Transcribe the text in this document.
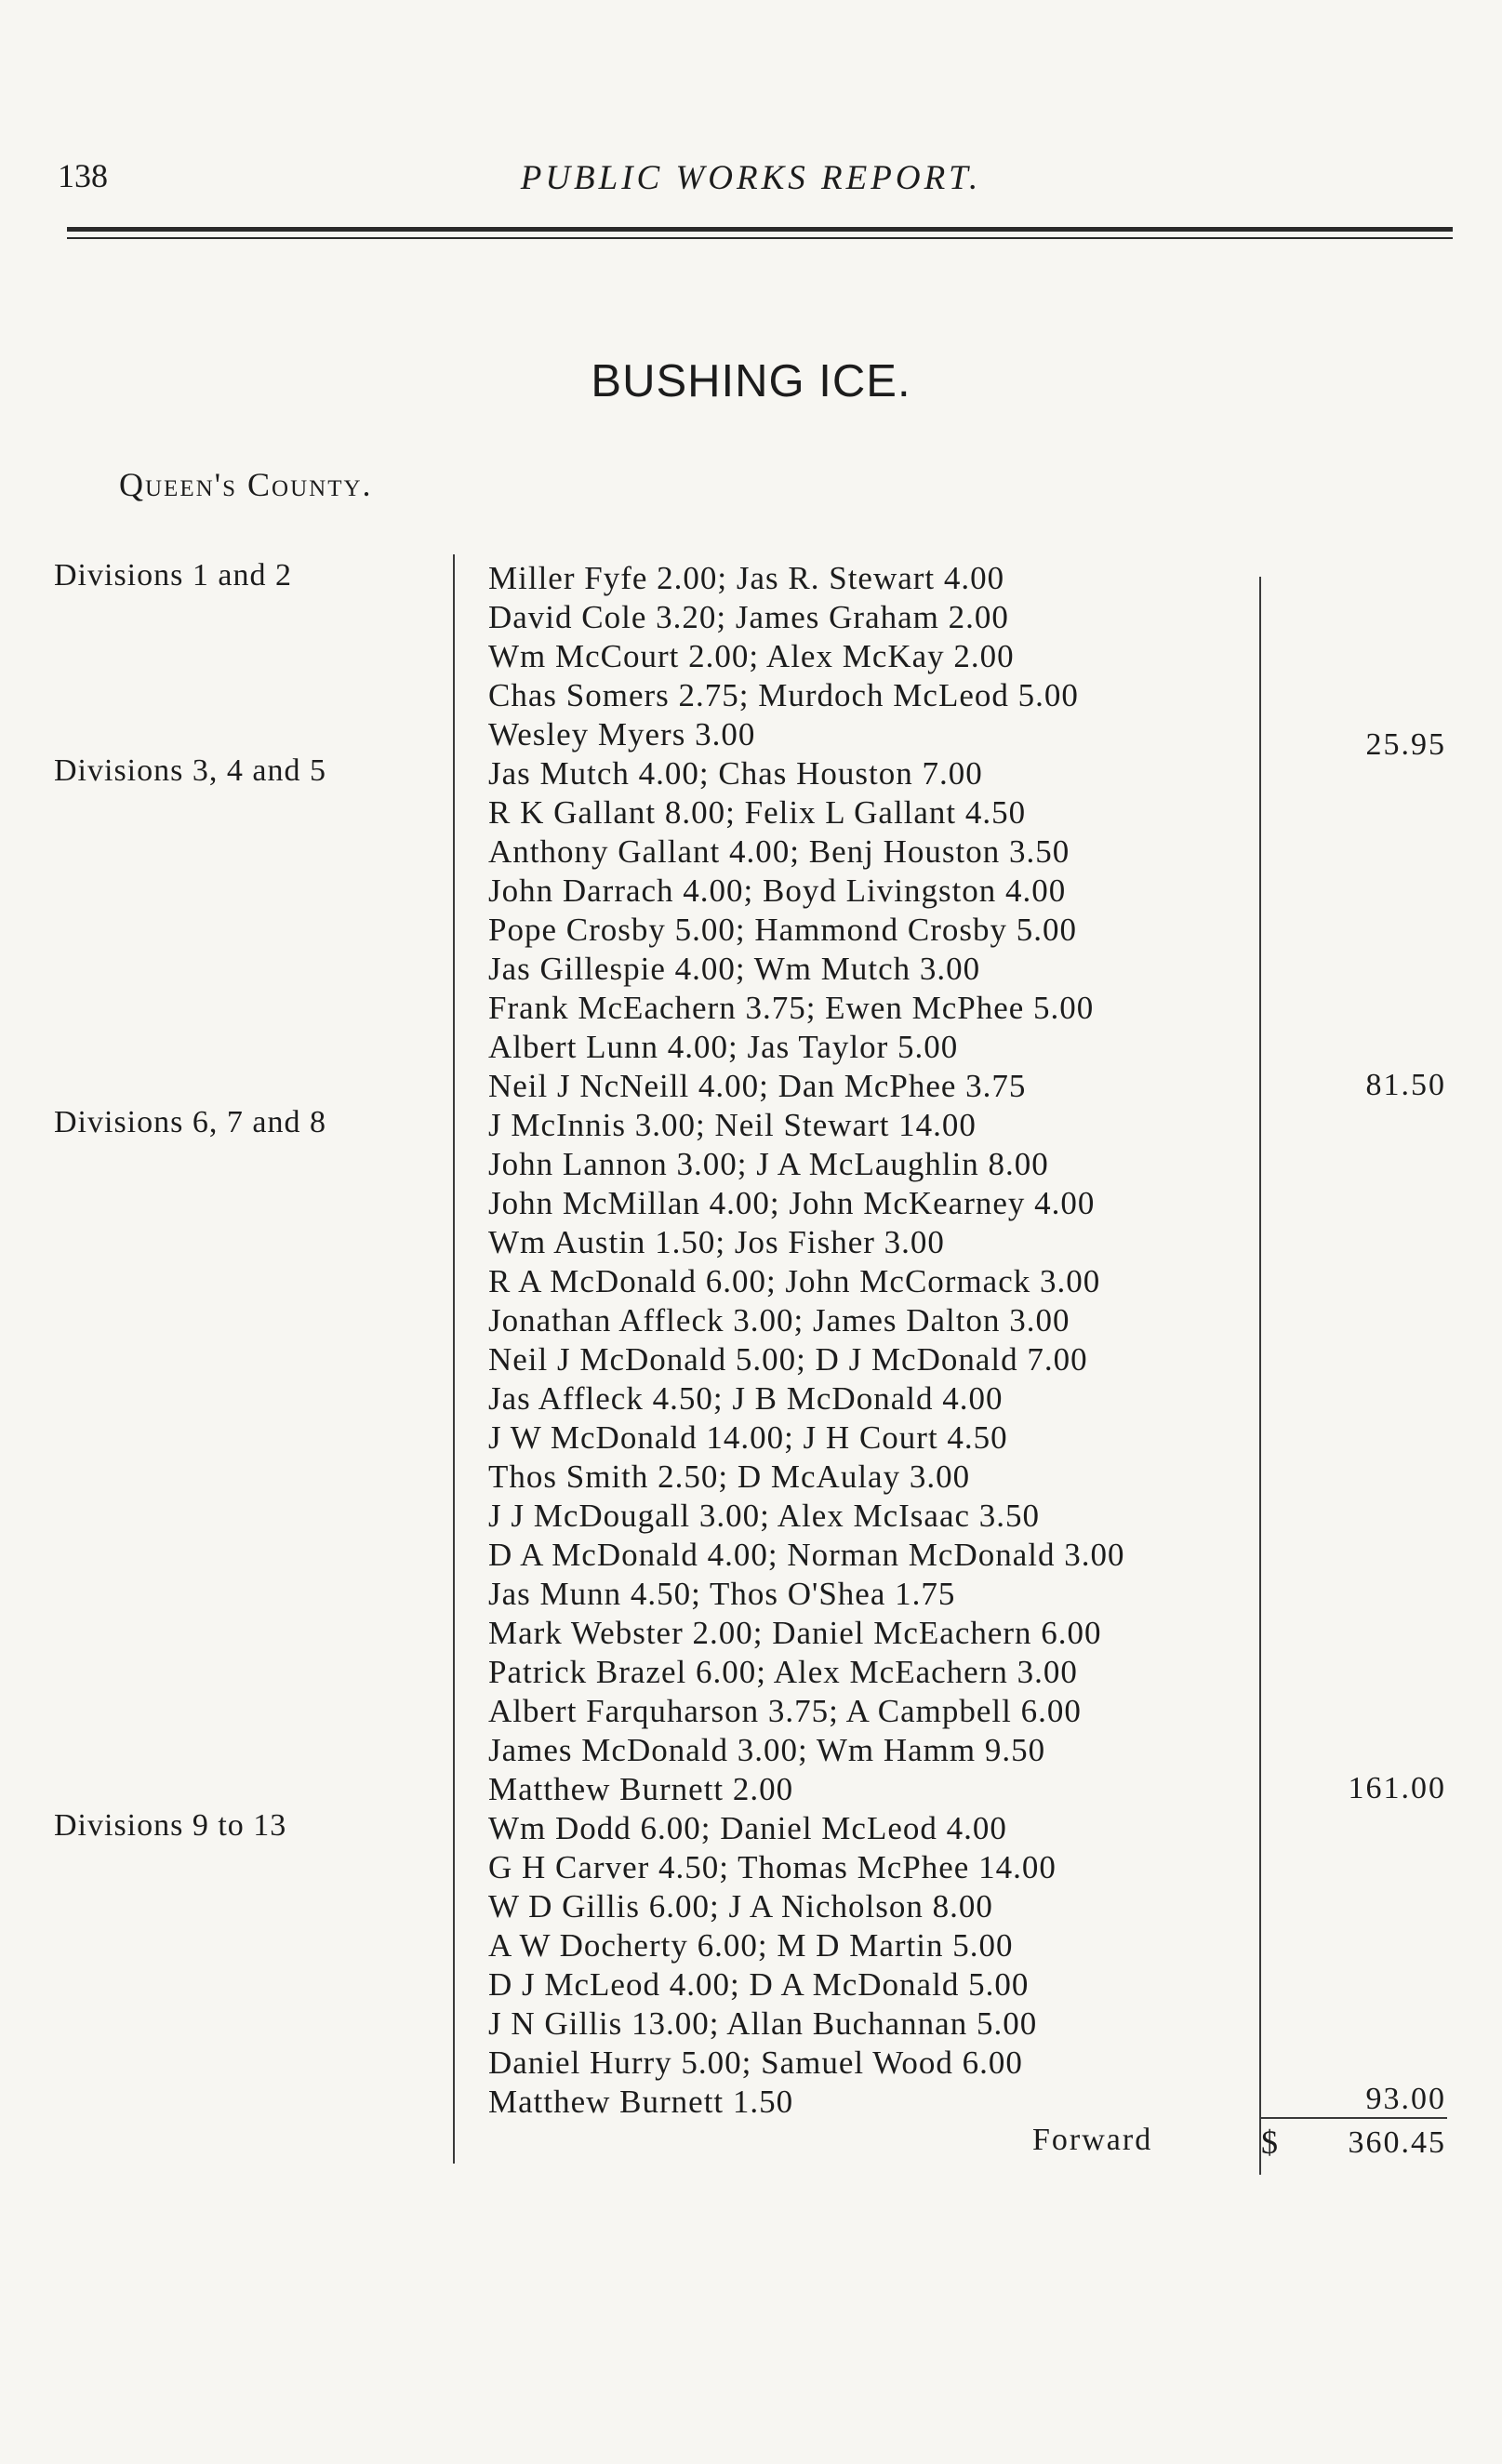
138	PUBLIC WORKS REPORT.
BUSHING ICE.
Queen's County.
Divisions 1 and 2
Divisions 3, 4 and 5
Divisions 6, 7 and 8
Divisions 9 to 13
Miller Fyfe 2.00; Jas R. Stewart 4.00
David Cole 3.20; James Graham 2.00
Wm McCourt 2.00; Alex McKay 2.00
Chas Somers 2.75; Murdoch McLeod 5.00
Wesley Myers 3.00
Jas Mutch 4.00; Chas Houston 7.00
R K Gallant 8.00; Felix L Gallant 4.50
Anthony Gallant 4.00; Benj Houston 3.50
John Darrach 4.00; Boyd Livingston 4.00
Pope Crosby 5.00; Hammond Crosby 5.00
Jas Gillespie 4.00; Wm Mutch 3.00
Frank McEachern 3.75; Ewen McPhee 5.00
Albert Lunn 4.00; Jas Taylor 5.00
Neil J NcNeill 4.00; Dan McPhee 3.75
J McInnis 3.00; Neil Stewart 14.00
John Lannon 3.00; J A McLaughlin 8.00
John McMillan 4.00; John McKearney 4.00
Wm Austin 1.50; Jos Fisher 3.00
R A McDonald 6.00; John McCormack 3.00
Jonathan Affleck 3.00; James Dalton 3.00
Neil J McDonald 5.00; D J McDonald 7.00
Jas Affleck 4.50; J B McDonald 4.00
J W McDonald 14.00; J H Court 4.50
Thos Smith 2.50; D McAulay 3.00
J J McDougall 3.00; Alex McIsaac 3.50
D A McDonald 4.00; Norman McDonald 3.00
Jas Munn 4.50; Thos O'Shea 1.75
Mark Webster 2.00; Daniel McEachern 6.00
Patrick Brazel 6.00; Alex McEachern 3.00
Albert Farquharson 3.75; A Campbell 6.00
James McDonald 3.00; Wm Hamm 9.50
Matthew Burnett 2.00
Wm Dodd 6.00; Daniel McLeod 4.00
G H Carver 4.50; Thomas McPhee 14.00
W D Gillis 6.00; J A Nicholson 8.00
A W Docherty 6.00; M D Martin 5.00
D J McLeod 4.00; D A McDonald 5.00
J N Gillis 13.00; Allan Buchannan 5.00
Daniel Hurry 5.00; Samuel Wood 6.00
Matthew Burnett 1.50
25.95
81.50
161.00
93.00
Forward	$ 360.45
